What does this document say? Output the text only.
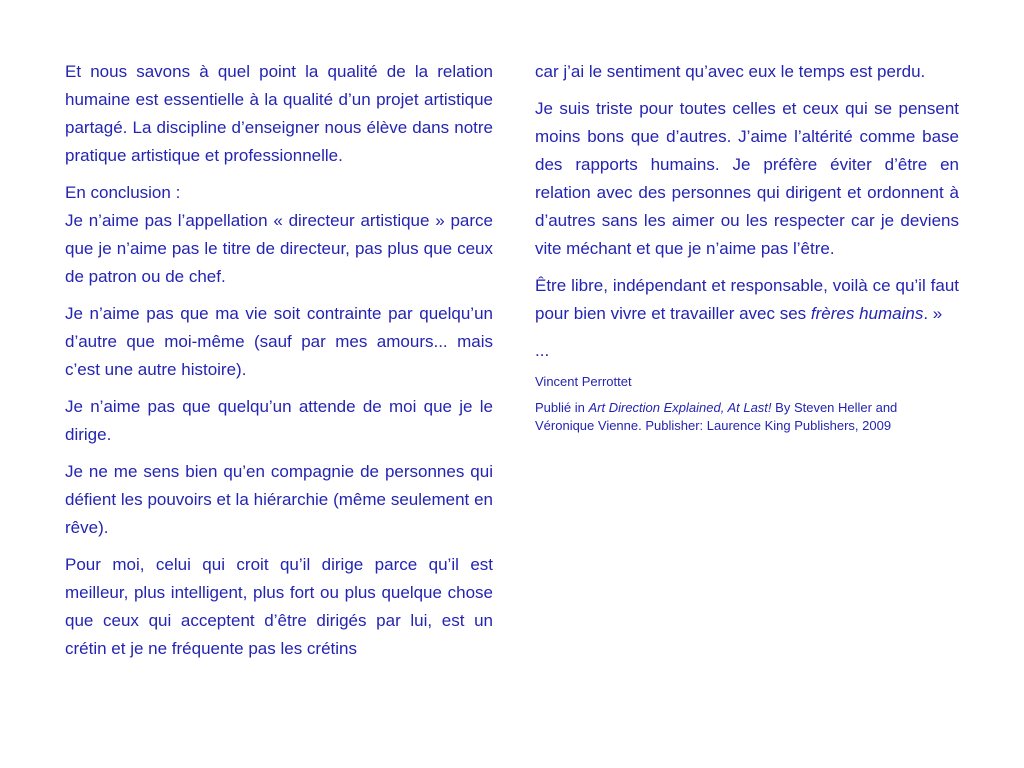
Et nous savons à quel point la qualité de la relation humaine est essentielle à la qualité d’un projet artistique partagé. La discipline d’enseigner nous élève dans notre pratique artistique et professionnelle.

En conclusion :
Je n’aime pas l’appellation « directeur artistique » parce que je n’aime pas le titre de directeur, pas plus que ceux de patron ou de chef.

Je n’aime pas que ma vie soit contrainte par quelqu’un d’autre que moi-même (sauf par mes amours... mais c’est une autre histoire).

Je n’aime pas que quelqu’un attende de moi que je le dirige.

Je ne me sens bien qu’en compagnie de personnes qui défient les pouvoirs et la hiérarchie (même seulement en rêve).

Pour moi, celui qui croit qu’il dirige parce qu’il est meilleur, plus intelligent, plus fort ou plus quelque chose que ceux qui acceptent d’être dirigés par lui, est un crétin et je ne fréquente pas les crétins

car j’ai le sentiment qu’avec eux le temps est perdu.

Je suis triste pour toutes celles et ceux qui se pensent moins bons que d’autres. J’aime l’altérité comme base des rapports humains. Je préfère éviter d’être en relation avec des personnes qui dirigent et ordonnent à d’autres sans les aimer ou les respecter car je deviens vite méchant et que je n’aime pas l’être.

Être libre, indépendant et responsable, voilà ce qu’il faut pour bien vivre et travailler avec ses frères humains. »

...

Vincent Perrottet

Publié in Art Direction Explained, At Last! By Steven Heller and Véronique Vienne. Publisher: Laurence King Publishers, 2009
